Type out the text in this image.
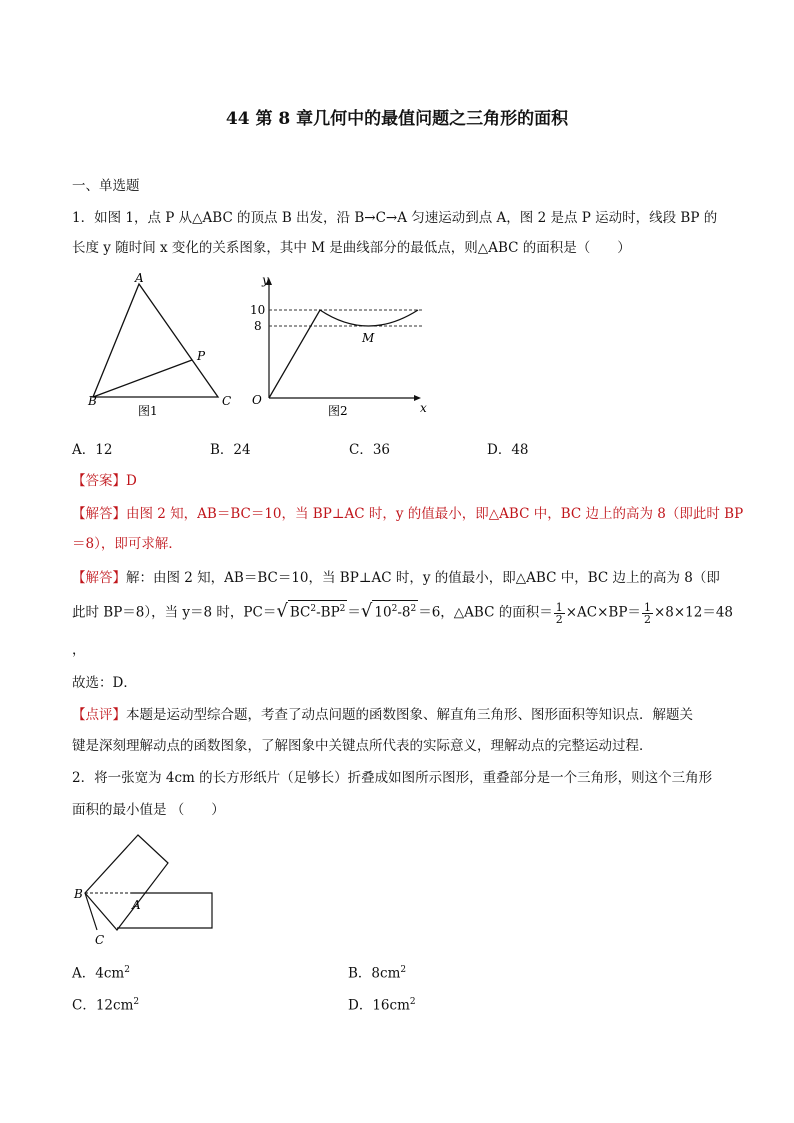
44 第 8 章几何中的最值问题之三角形的面积
一、单选题
1．如图 1，点 P 从△ABC 的顶点 B 出发，沿 B→C→A 匀速运动到点 A，图 2 是点 P 运动时，线段 BP 的
长度 y 随时间 x 变化的关系图象，其中 M 是曲线部分的最低点，则△ABC 的面积是（　　）
A
P
B	C
图1
y
10
8
M
O
x
图2
A．12	B．24	C．36	D．48
【答案】D
【解答】由图 2 知，AB＝BC＝10，当 BP⊥AC 时，y 的值最小，即△ABC 中，BC 边上的高为 8（即此时 BP
＝8），即可求解．
【解答】解：由图 2 知，AB＝BC＝10，当 BP⊥AC 时，y 的值最小，即△ABC 中，BC 边上的高为 8（即
此时 BP＝8），当 y＝8 时，PC＝√ $BC^2-BP^2$ ＝√ $10^2-8^2 =6$，△ABC 的面积＝ $\frac{1}{2} \times AC\times BP= \frac{1}{2} \times 8\times 12=48$
，
故选：D．
【点评】本题是运动型综合题，考查了动点问题的函数图象、解直角三角形、图形面积等知识点．解题关
键是深刻理解动点的函数图象，了解图象中关键点所代表的实际意义，理解动点的完整运动过程．
2．将一张宽为 4cm 的长方形纸片（足够长）折叠成如图所示图形，重叠部分是一个三角形，则这个三角形
面积的最小值是 （　　）
B
A
C
A．$4cm^2$	B．$8cm^2$
C．$12cm^2$	D．$16cm^2$
